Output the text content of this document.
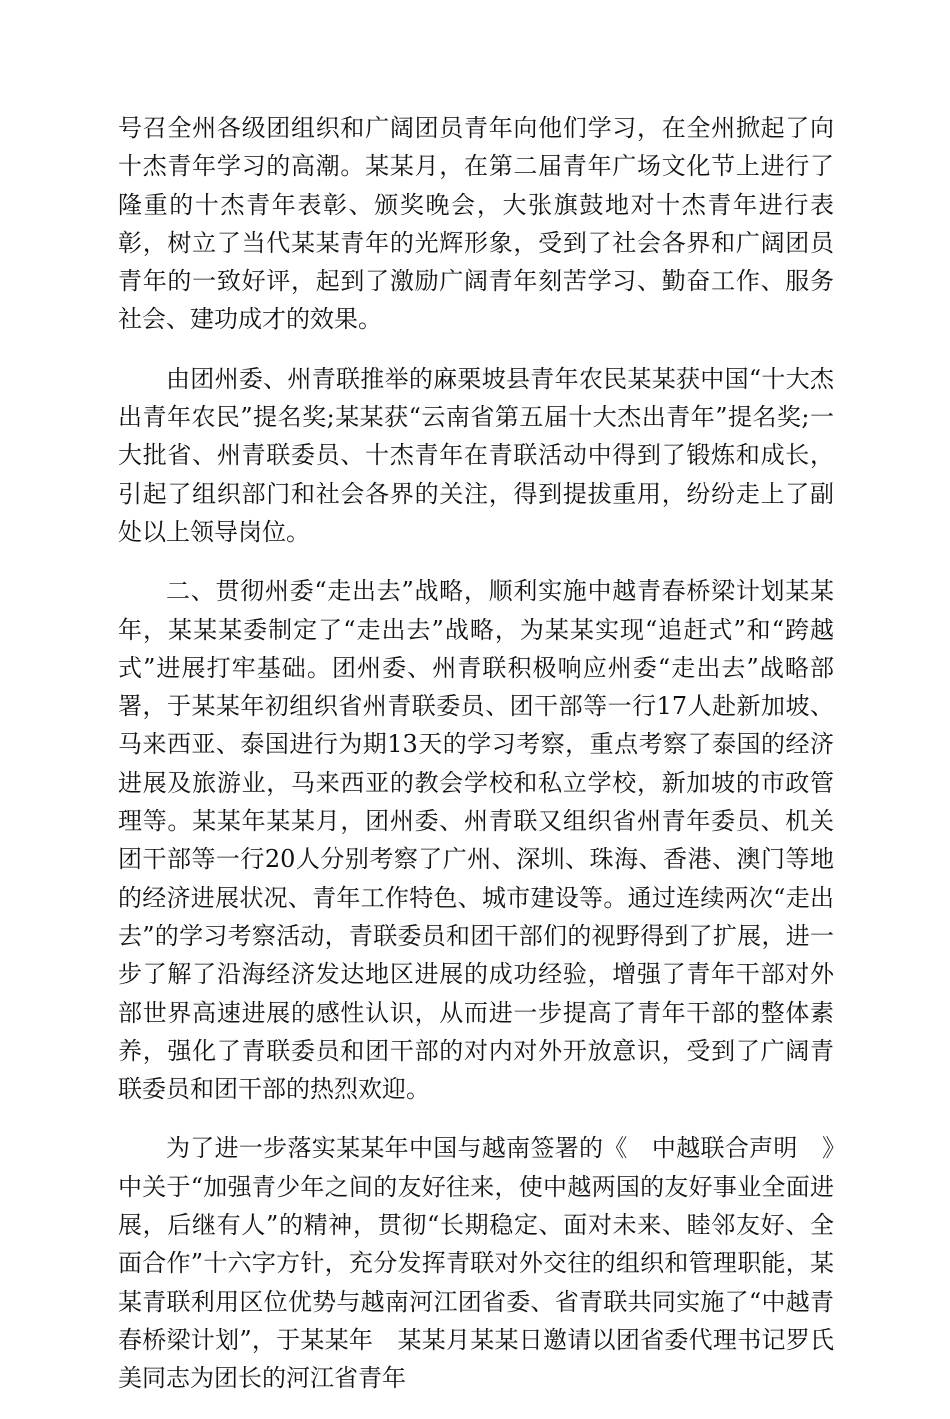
号召全州各级团组织和广阔团员青年向他们学习，在全州掀起了向十杰青年学习的高潮。某某月，在第二届青年广场文化节上进行了隆重的十杰青年表彰、颁奖晚会，大张旗鼓地对十杰青年进行表彰，树立了当代某某青年的光辉形象，受到了社会各界和广阔团员青年的一致好评，起到了激励广阔青年刻苦学习、勤奋工作、服务社会、建功成才的效果。

由团州委、州青联推举的麻栗坡县青年农民某某获中国“十大杰出青年农民”提名奖;某某获“云南省第五届十大杰出青年”提名奖;一大批省、州青联委员、十杰青年在青联活动中得到了锻炼和成长，引起了组织部门和社会各界的关注，得到提拔重用，纷纷走上了副处以上领导岗位。

二、贯彻州委“走出去”战略，顺利实施中越青春桥梁计划某某年，某某某委制定了“走出去”战略，为某某实现“追赶式”和“跨越式”进展打牢基础。团州委、州青联积极响应州委“走出去”战略部署，于某某年初组织省州青联委员、团干部等一行17人赴新加坡、马来西亚、泰国进行为期13天的学习考察，重点考察了泰国的经济进展及旅游业，马来西亚的教会学校和私立学校，新加坡的市政管理等。某某年某某月，团州委、州青联又组织省州青年委员、机关团干部等一行20人分别考察了广州、深圳、珠海、香港、澳门等地的经济进展状况、青年工作特色、城市建设等。通过连续两次“走出去”的学习考察活动，青联委员和团干部们的视野得到了扩展，进一步了解了沿海经济发达地区进展的成功经验，增强了青年干部对外部世界高速进展的感性认识，从而进一步提高了青年干部的整体素养，强化了青联委员和团干部的对内对外开放意识，受到了广阔青联委员和团干部的热烈欢迎。

为了进一步落实某某年中国与越南签署的《　中越联合声明　》中关于“加强青少年之间的友好往来，使中越两国的友好事业全面进展，后继有人”的精神，贯彻“长期稳定、面对未来、睦邻友好、全面合作”十六字方针，充分发挥青联对外交往的组织和管理职能，某某青联利用区位优势与越南河江团省委、省青联共同实施了“中越青春桥梁计划”，于某某年　某某月某某日邀请以团省委代理书记罗氏美同志为团长的河江省青年
